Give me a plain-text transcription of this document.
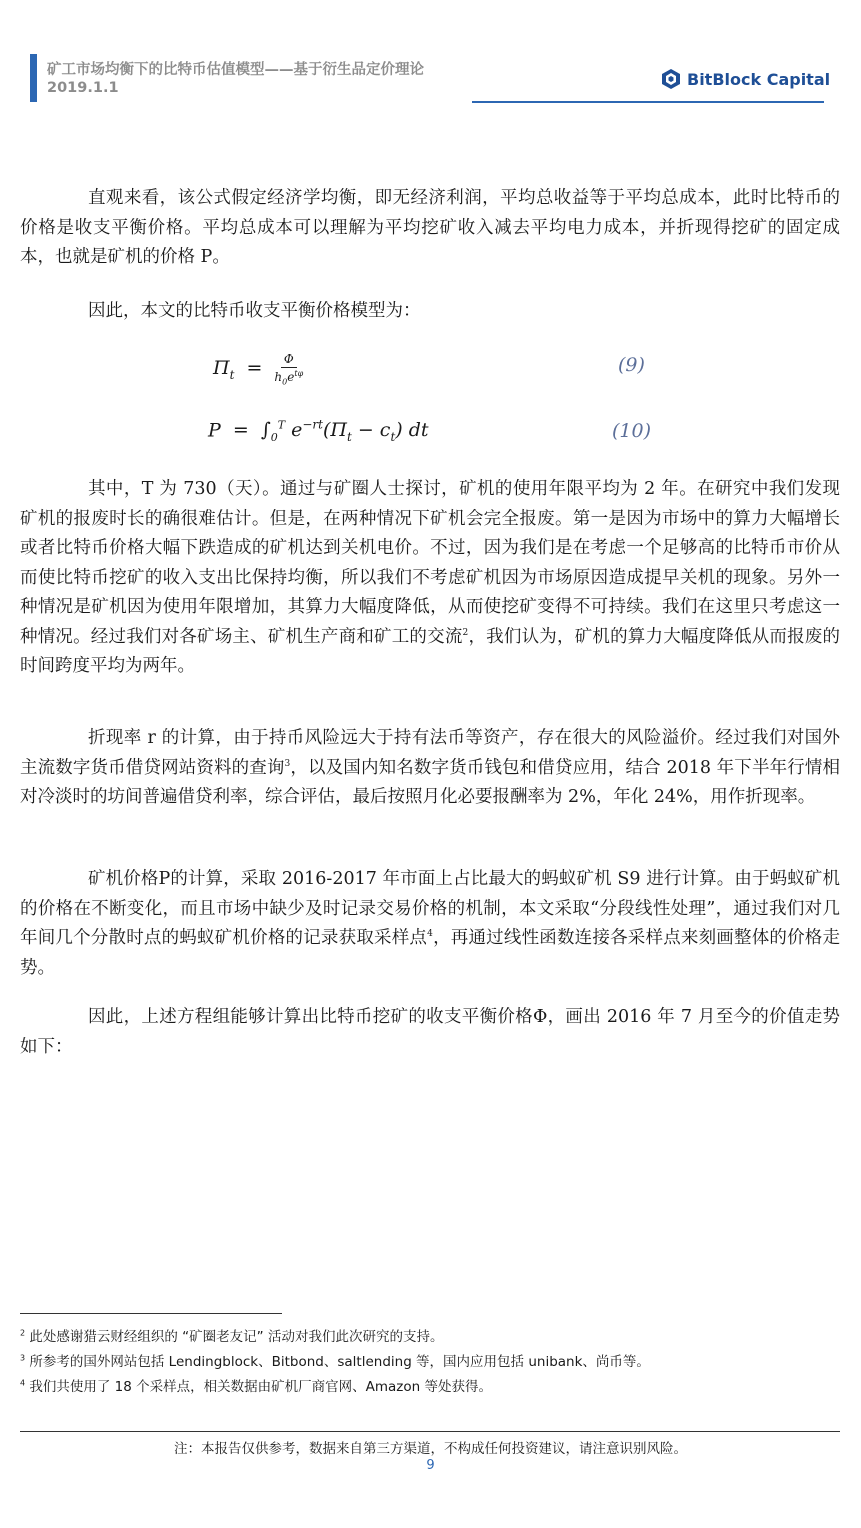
矿工市场均衡下的比特币估值模型——基于衍生品定价理论
2019.1.1	BitBlock Capital
直观来看，该公式假定经济学均衡，即无经济利润，平均总收益等于平均总成本，此时比特币的价格是收支平衡价格。平均总成本可以理解为平均挖矿收入减去平均电力成本，并折现得挖矿的固定成本，也就是矿机的价格 P。
因此，本文的比特币收支平衡价格模型为：
$\Pi_t = \frac{\Phi}{h_0e^{t\varphi}}$	(9)
$P = \int_0^T$ $e^{-rt}(\Pi_t - c_t)$ dt	(10)
其中，T 为 730（天）。通过与矿圈人士探讨，矿机的使用年限平均为 2 年。在研究中我们发现矿机的报废时长的确很难估计。但是，在两种情况下矿机会完全报废。第一是因为市场中的算力大幅增长或者比特币价格大幅下跌造成的矿机达到关机电价。不过，因为我们是在考虑一个足够高的比特币市价从而使比特币挖矿的收入支出比保持均衡，所以我们不考虑矿机因为市场原因造成提早关机的现象。另外一种情况是矿机因为使用年限增加，其算力大幅度降低，从而使挖矿变得不可持续。我们在这里只考虑这一种情况。经过我们对各矿场主、矿机生产商和矿工的交流$^2$，我们认为，矿机的算力大幅度降低从而报废的时间跨度平均为两年。
折现率 r 的计算，由于持币风险远大于持有法币等资产，存在很大的风险溢价。经过我们对国外主流数字货币借贷网站资料的查询$^3$，以及国内知名数字货币钱包和借贷应用，结合 2018 年下半年行情相对冷淡时的坊间普遍借贷利率，综合评估，最后按照月化必要报酬率为 2%，年化 24%，用作折现率。
矿机价格P的计算，采取 2016-2017 年市面上占比最大的蚂蚁矿机 S9 进行计算。由于蚂蚁矿机的价格在不断变化，而且市场中缺少及时记录交易价格的机制，本文采取“分段线性处理”，通过我们对几年间几个分散时点的蚂蚁矿机价格的记录获取采样点$^4$，再通过线性函数连接各采样点来刻画整体的价格走势。
因此，上述方程组能够计算出比特币挖矿的收支平衡价格Φ，画出 2016 年 7 月至今的价值走势如下：
$^2$ 此处感谢猎云财经组织的 “矿圈老友记” 活动对我们此次研究的支持。
$^3$ 所参考的国外网站包括 Lendingblock、Bitbond、saltlending 等，国内应用包括 unibank、尚币等。
$^4$ 我们共使用了 18 个采样点，相关数据由矿机厂商官网、Amazon 等处获得。
注：本报告仅供参考，数据来自第三方渠道，不构成任何投资建议，请注意识别风险。
9
